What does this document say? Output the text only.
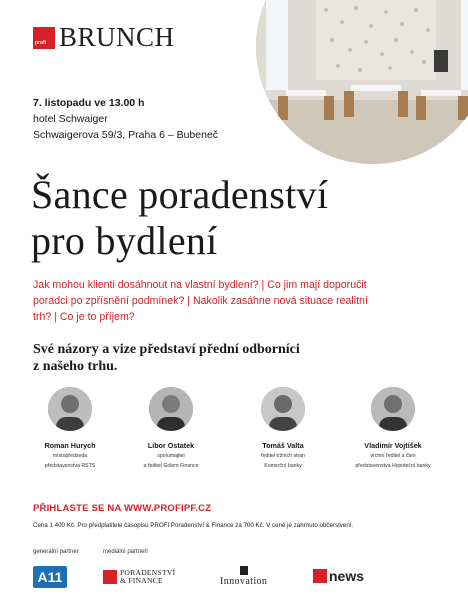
profi BRUNCH
7. listopadu ve 13.00 h
hotel Schwaiger
Schwaigerova 59/3, Praha 6 – Bubeneč
Šance poradenství
pro bydlení
Jak mohou klienti dosáhnout na vlastní bydlení? | Co jim mají doporučit
poradci po zpřísnění podmínek? | Nakolik zasáhne nová situace realitní
trh? | Co je to příjem?
Své názory a vize představí přední odborníci
z našeho trhu.
Roman Hurych
místopředseda
představenstva RSTS
Libor Ostatek
spolumajitel
a ředitel Golem Finance
Tomáš Valta
ředitel tržních stran
Komerční banky
Vladimír Vojtíšek
vrchní ředitel a člen
představenstva Hypoteční banky
PŘIHLASTE SE NA WWW.PROFIPF.CZ
Cena 1 400 Kč. Pro předplatitele časopisu PROFI Poradenství & Finance za 700 Kč. V ceně je zahrnuto občerstvení.
generální partner	mediální partneři
A11	PORADENSTVÍ
& FINANCE	Innovation	news
